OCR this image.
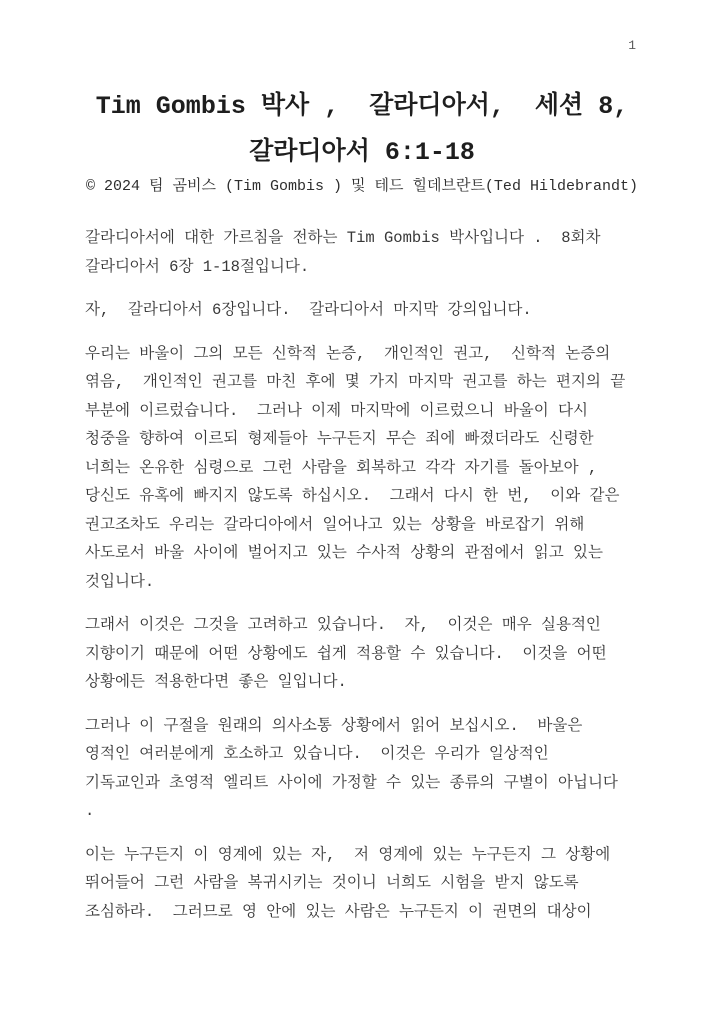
1
Tim Gombis 박사 ,  갈라디아서,  세션 8,
갈라디아서 6:1-18
© 2024 팀 곰비스 (Tim Gombis ) 및 테드 힐데브란트(Ted Hildebrandt)
갈라디아서에 대한 가르침을 전하는 Tim Gombis 박사입니다 .  8회차
갈라디아서 6장 1-18절입니다.
자,  갈라디아서 6장입니다.  갈라디아서 마지막 강의입니다.
우리는 바울이 그의 모든 신학적 논증,  개인적인 권고,  신학적 논증의
엮음,  개인적인 권고를 마친 후에 몇 가지 마지막 권고를 하는 편지의 끝
부분에 이르렀습니다.  그러나 이제 마지막에 이르렀으니 바울이 다시
청중을 향하여 이르되 형제들아 누구든지 무슨 죄에 빠졌더라도 신령한
너희는 온유한 심령으로 그런 사람을 회복하고 각각 자기를 돌아보아 ,
당신도 유혹에 빠지지 않도록 하십시오.  그래서 다시 한 번,  이와 같은
권고조차도 우리는 갈라디아에서 일어나고 있는 상황을 바로잡기 위해
사도로서 바울 사이에 벌어지고 있는 수사적 상황의 관점에서 읽고 있는
것입니다.
그래서 이것은 그것을 고려하고 있습니다.  자,  이것은 매우 실용적인
지향이기 때문에 어떤 상황에도 쉽게 적용할 수 있습니다.  이것을 어떤
상황에든 적용한다면 좋은 일입니다.
그러나 이 구절을 원래의 의사소통 상황에서 읽어 보십시오.  바울은
영적인 여러분에게 호소하고 있습니다.  이것은 우리가 일상적인
기독교인과 초영적 엘리트 사이에 가정할 수 있는 종류의 구별이 아닙니다
.
이는 누구든지 이 영계에 있는 자,  저 영계에 있는 누구든지 그 상황에
뛰어들어 그런 사람을 복귀시키는 것이니 너희도 시험을 받지 않도록
조심하라.  그러므로 영 안에 있는 사람은 누구든지 이 권면의 대상이
